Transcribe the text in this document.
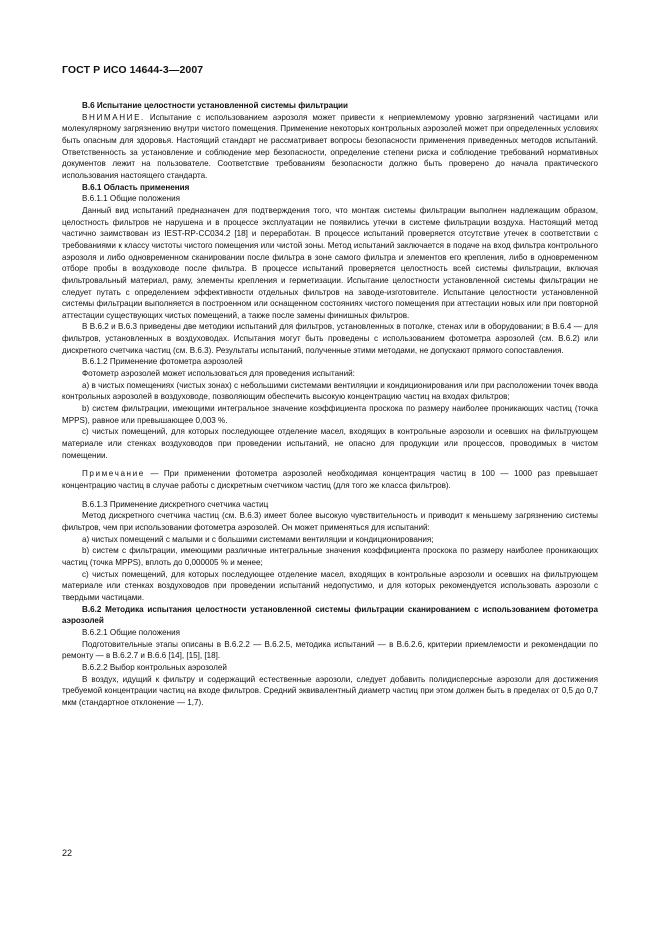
ГОСТ Р ИСО 14644-3—2007

В.6 Испытание целостности установленной системы фильтрации

ВНИМАНИЕ. Испытание с использованием аэрозоля может привести к неприемлемому уровню загрязнений частицами или молекулярному загрязнению внутри чистого помещения. Применение некоторых контрольных аэрозолей может при определенных условиях быть опасным для здоровья. Настоящий стандарт не рассматривает вопросы безопасности применения приведенных методов испытаний. Ответственность за установление и соблюдение мер безопасности, определение степени риска и соблюдение требований нормативных документов лежит на пользователе. Соответствие требованиям безопасности должно быть проверено до начала практического использования настоящего стандарта.

В.6.1 Область применения

В.6.1.1 Общие положения

Данный вид испытаний предназначен для подтверждения того, что монтаж системы фильтрации выполнен надлежащим образом, целостность фильтров не нарушена и в процессе эксплуатации не появились утечки в системе фильтрации воздуха. Настоящий метод частично заимствован из IEST-RP-CC034.2 [18] и переработан. В процессе испытаний проверяется отсутствие утечек в соответствии с требованиями к классу чистоты чистого помещения или чистой зоны. Метод испытаний заключается в подаче на вход фильтра контрольного аэрозоля и либо одновременном сканировании после фильтра в зоне самого фильтра и элементов его крепления, либо в одновременном отборе пробы в воздуховоде после фильтра. В процессе испытаний проверяется целостность всей системы фильтрации, включая фильтровальный материал, раму, элементы крепления и герметизации. Испытание целостности установленной системы фильтрации не следует путать с определением эффективности отдельных фильтров на заводе-изготовителе. Испытание целостности установленной системы фильтрации выполняется в построенном или оснащенном состояниях чистого помещения при аттестации новых или при повторной аттестации существующих чистых помещений, а также после замены финишных фильтров.

В В.6.2 и В.6.3 приведены две методики испытаний для фильтров, установленных в потолке, стенах или в оборудовании; в В.6.4 — для фильтров, установленных в воздуховодах. Испытания могут быть проведены с использованием фотометра аэрозолей (см. В.6.2) или дискретного счетчика частиц (см. В.6.3). Результаты испытаний, полученные этими методами, не допускают прямого сопоставления.

В.6.1.2 Применение фотометра аэрозолей

Фотометр аэрозолей может использоваться для проведения испытаний:

а) в чистых помещениях (чистых зонах) с небольшими системами вентиляции и кондиционирования или при расположении точек ввода контрольных аэрозолей в воздуховоде, позволяющим обеспечить высокую концентрацию частиц на входах фильтров;

b) систем фильтрации, имеющими интегральное значение коэффициента проскока по размеру наиболее проникающих частиц (точка MPPS), равное или превышающее 0,003 %.

с) чистых помещений, для которых последующее отделение масел, входящих в контрольные аэрозоли и осевших на фильтрующем материале или стенках воздуховодов при проведении испытаний, не опасно для продукции или процессов, проводимых в чистом помещении.

Примечание — При применении фотометра аэрозолей необходимая концентрация частиц в 100 — 1000 раз превышает концентрацию частиц в случае работы с дискретным счетчиком частиц (для того же класса фильтров).

В.6.1.3 Применение дискретного счетчика частиц

Метод дискретного счетчика частиц (см. В.6.3) имеет более высокую чувствительность и приводит к меньшему загрязнению системы фильтров, чем при использовании фотометра аэрозолей. Он может применяться для испытаний:

а) чистых помещений с малыми и с большими системами вентиляции и кондиционирования;

b) систем с фильтрации, имеющими различные интегральные значения коэффициента проскока по размеру наиболее проникающих частиц (точка MPPS), вплоть до 0,000005 % и менее;

с) чистых помещений, для которых последующее отделение масел, входящих в контрольные аэрозоли и осевших на фильтрующем материале или стенках воздуховодов при проведении испытаний недопустимо, и для которых рекомендуется использовать аэрозоли с твердыми частицами.

В.6.2 Методика испытания целостности установленной системы фильтрации сканированием с использованием фотометра аэрозолей

В.6.2.1 Общие положения

Подготовительные этапы описаны в В.6.2.2 — В.6.2.5, методика испытаний — в В.6.2.6, критерии приемлемости и рекомендации по ремонту — в В.6.2.7 и В.6.6 [14], [15], [18].

В.6.2.2 Выбор контрольных аэрозолей

В воздух, идущий к фильтру и содержащий естественные аэрозоли, следует добавить полидисперсные аэрозоли для достижения требуемой концентрации частиц на входе фильтров. Средний эквивалентный диаметр частиц при этом должен быть в пределах от 0,5 до 0,7 мкм (стандартное отклонение — 1,7).

22
